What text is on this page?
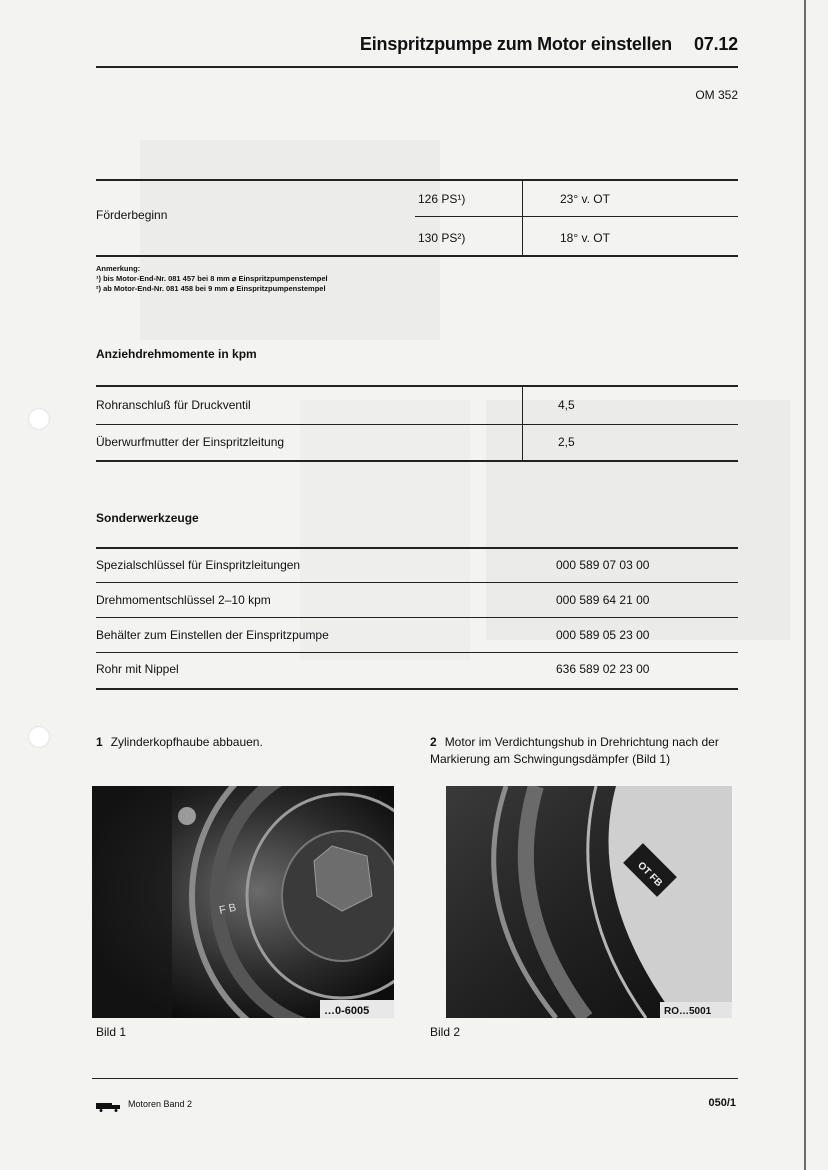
Einspritzpumpe zum Motor einstellen 07.12
OM 352
Förderbeginn
126 PS¹)	23° v. OT
130 PS²)	18° v. OT
Anmerkung:
¹) bis Motor-End-Nr. 081 457 bei 8 mm ⌀ Einspritzpumpenstempel
²) ab Motor-End-Nr. 081 458 bei 9 mm ⌀ Einspritzpumpenstempel
Anziehdrehmomente in kpm
Rohranschluß für Druckventil	4,5
Überwurfmutter der Einspritzleitung	2,5
Sonderwerkzeuge
Spezialschlüssel für Einspritzleitungen	000 589 07 03 00
Drehmomentschlüssel 2–10 kpm	000 589 64 21 00
Behälter zum Einstellen der Einspritzpumpe	000 589 05 23 00
Rohr mit Nippel	636 589 02 23 00
1 Zylinderkopfhaube abbauen.	2 Motor im Verdichtungshub in Drehrichtung nach der Markierung am Schwingungsdämpfer (Bild 1)
F B
…0-6005
Bild 1
OT FB
RO…5001
Bild 2
Motoren Band 2	050/1
